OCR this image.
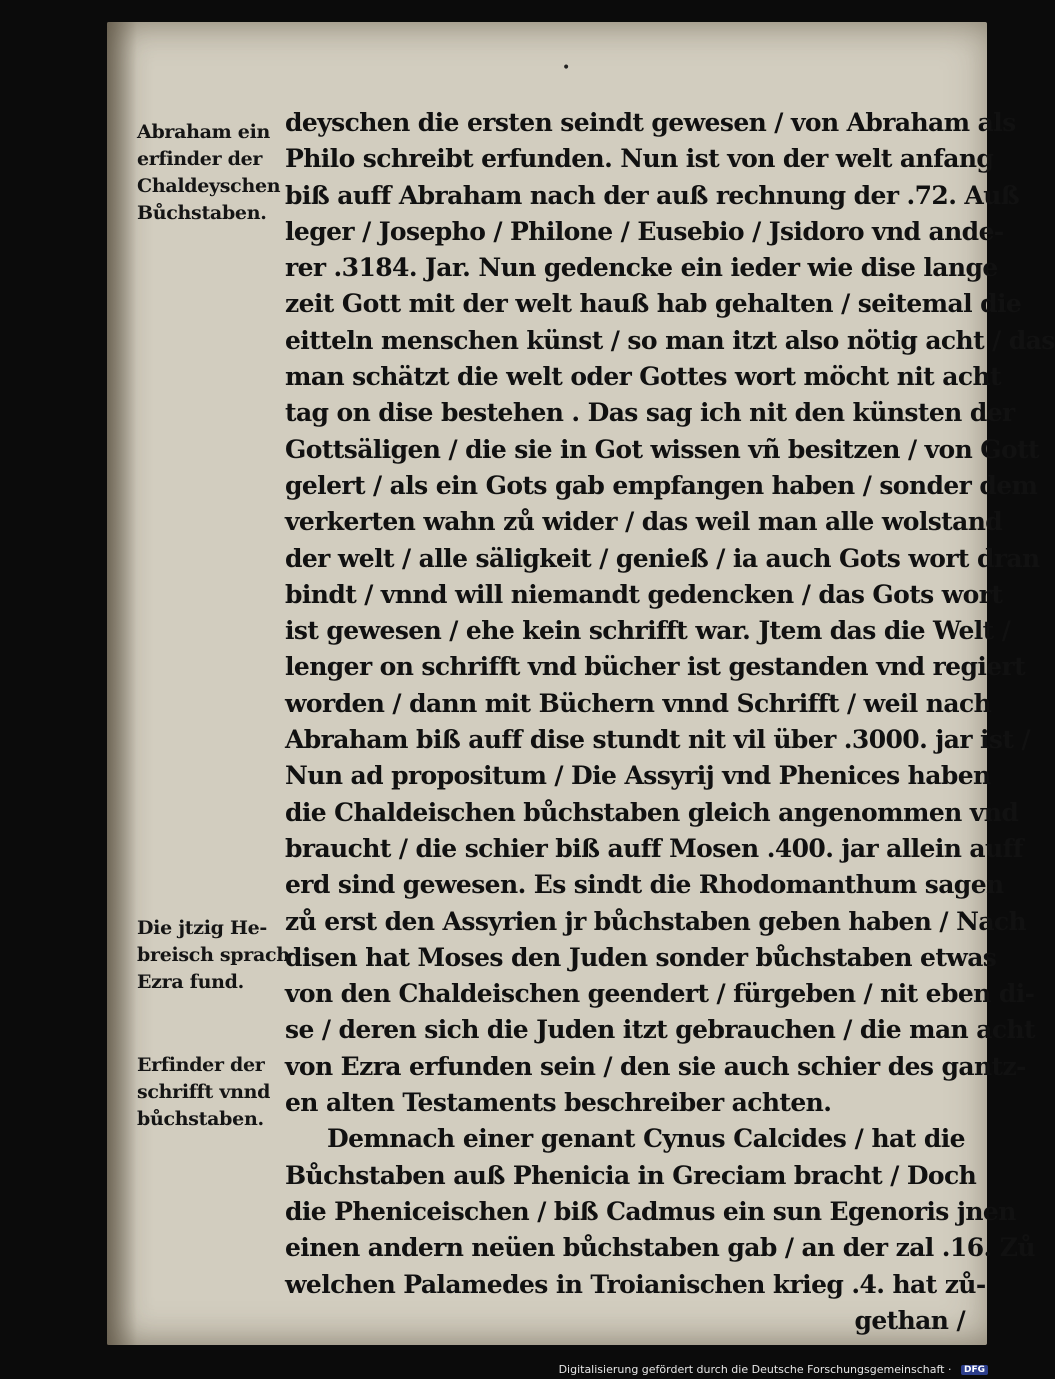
•
Abraham ein
erfinder der
Chaldeyschen
Bůchstaben.
Die jtzig He-
breisch sprach
Ezra fund.
Erfinder der
schrifft vnnd
bůchstaben.
deyschen die ersten seindt gewesen / von Abraham als
Philo schreibt erfunden. Nun ist von der welt anfang
biß auff Abraham nach der auß rechnung der .72. Auß
leger / Josepho / Philone / Eusebio / Jsidoro vnd ande-
rer .3184. Jar. Nun gedencke ein ieder wie dise lange
zeit Gott mit der welt hauß hab gehalten / seitemal die
eitteln menschen künst / so man itzt also nötig acht / das
man schätzt die welt oder Gottes wort möcht nit acht
tag on dise bestehen . Das sag ich nit den künsten der
Gottsäligen / die sie in Got wissen vñ besitzen / von Gott
gelert / als ein Gots gab empfangen haben / sonder dem
verkerten wahn zů wider / das weil man alle wolstand
der welt / alle säligkeit / genieß / ia auch Gots wort dran
bindt / vnnd will niemandt gedencken / das Gots wort
ist gewesen / ehe kein schrifft war. Jtem das die Welt /
lenger on schrifft vnd bücher ist gestanden vnd regiert
worden / dann mit Büchern vnnd Schrifft / weil nach
Abraham biß auff dise stundt nit vil über .3000. jar ist /
Nun ad propositum / Die Assyrij vnd Phenices haben
die Chaldeischen bůchstaben gleich angenommen vnd
braucht / die schier biß auff Mosen .400. jar allein auff
erd sind gewesen. Es sindt die Rhodomanthum sagen
zů erst den Assyrien jr bůchstaben geben haben / Nach
disen hat Moses den Juden sonder bůchstaben etwas
von den Chaldeischen geendert / fürgeben / nit eben di-
se / deren sich die Juden itzt gebrauchen / die man acht
von Ezra erfunden sein / den sie auch schier des gantz-
en alten Testaments beschreiber achten.
Demnach einer genant Cynus Calcides / hat die
Bůchstaben auß Phenicia in Greciam bracht / Doch
die Pheniceischen / biß Cadmus ein sun Egenoris jnen
einen andern neüen bůchstaben gab / an der zal .16. Zů
welchen Palamedes in Troianischen krieg .4. hat zů-
gethan /
Digitalisierung gefördert durch die Deutsche Forschungsgemeinschaft · DFG
